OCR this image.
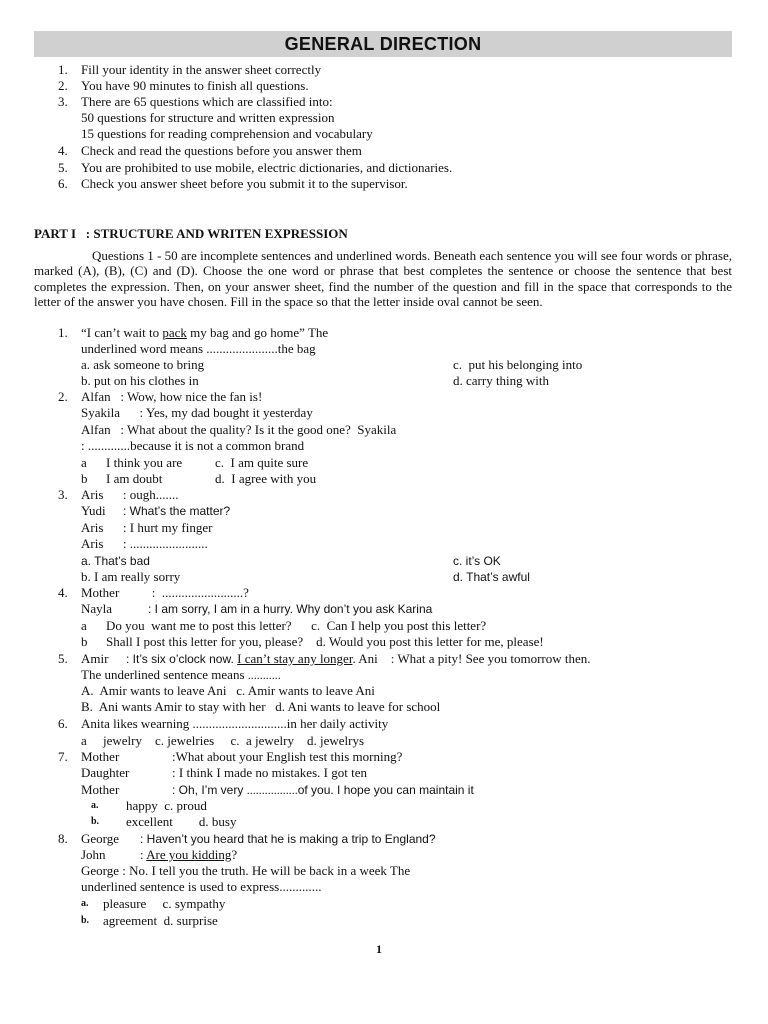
GENERAL DIRECTION
1. Fill your identity in the answer sheet correctly
2. You have 90 minutes to finish all questions.
3. There are 65 questions which are classified into:
50 questions for structure and written expression
15 questions for reading comprehension and vocabulary
4. Check and read the questions before you answer them
5. You are prohibited to use mobile, electric dictionaries, and dictionaries.
6. Check you answer sheet before you submit it to the supervisor.
PART I   : STRUCTURE AND WRITEN EXPRESSION
Questions 1 - 50 are incomplete sentences and underlined words. Beneath each sentence you will see four words or phrase, marked (A), (B), (C) and (D). Choose the one word or phrase that best completes the sentence or choose the sentence that best completes the expression. Then, on your answer sheet, find the number of the question and fill in the space that corresponds to the letter of the answer you have chosen. Fill in the space so that the letter inside oval cannot be seen.
1. “I can’t wait to pack my bag and go home” The
underlined word means ......................the bag
a. ask someone to bring	c.  put his belonging into
b. put on his clothes in	d. carry thing with
2. Alfan   : Wow, how nice the fan is!
Syakila      : Yes, my dad bought it yesterday
Alfan   : What about the quality? Is it the good one?  Syakila
: .............because it is not a common brand
a I think you are	c.  I am quite sure
b I am doubt	d.  I agree with you
3. Aris      : ough.......
Yudi : What’s the matter?
Aris      : I hurt my finger
Aris      : ........................
a. That’s bad	c. it’s OK
b. I am really sorry	d. That’s awful
4. Mother          :  .........................?
Nayla	: I am sorry, I am in a hurry. Why don’t you ask Karina
a Do you  want me to post this letter?      c.  Can I help you post this letter?
b Shall I post this letter for you, please?    d. Would you post this letter for me, please!
5. Amir : It’s six o’clock now. I can’t stay any longer. Ani    : What a pity! See you tomorrow then.
The underlined sentence means ...........
A.  Amir wants to leave Ani   c. Amir wants to leave Ani
B.  Ani wants Amir to stay with her   d. Ani wants to leave for school
6. Anita likes wearning .............................in her daily activity
a     jewelry    c. jewelries     c.  a jewelry    d. jewelrys
7. Mother	:What about your English test this morning?
Daughter	: I think I made no mistakes. I got ten
Mother	: Oh, I’m very .................of you. I hope you can maintain it
a. happy  c. proud
b. excellent        d. busy
8. George : Haven’t you heard that he is making a trip to England?
John	: Are you kidding?
George : No. I tell you the truth. He will be back in a week The
underlined sentence is used to express.............
a. pleasure     c. sympathy
b. agreement  d. surprise
1
